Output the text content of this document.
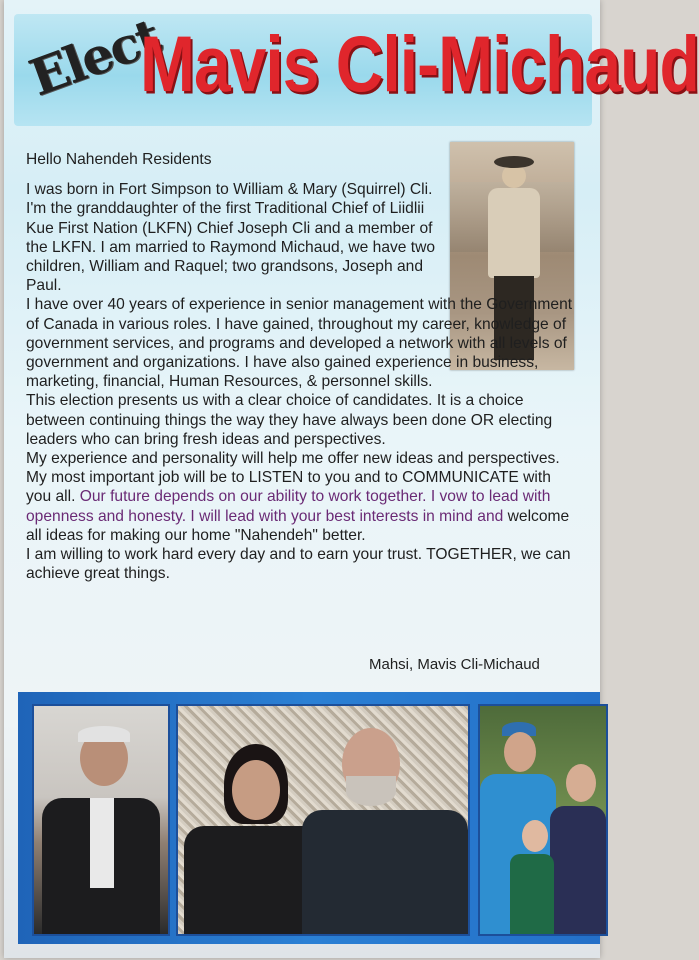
Elect
Mavis Cli-Michaud

Hello Nahendeh Residents

I was born in Fort Simpson to William & Mary (Squirrel) Cli. I'm the granddaughter of the first Traditional Chief of Liidlii Kue First Nation (LKFN) Chief Joseph Cli and a member of the LKFN. I am married to Raymond Michaud, we have two children, William and Raquel; two grandsons, Joseph and Paul.

I have over 40 years of experience in senior management with the Government of Canada in various roles. I have gained, throughout my career, knowledge of government services, and programs and developed a network with all levels of government and organizations. I have also gained experience in business, marketing, financial, Human Resources, & personnel skills.

This election presents us with a clear choice of candidates. It is a choice between continuing things the way they have always been done OR electing leaders who can bring fresh ideas and perspectives.

My experience and personality will help me offer new ideas and perspectives. My most important job will be to LISTEN to you and to COMMUNICATE with you all. Our future depends on our ability to work together. I vow to lead with openness and honesty. I will lead with your best interests in mind and welcome all ideas for making our home "Nahendeh" better.

I am willing to work hard every day and to earn your trust. TOGETHER, we can achieve great things.

Mahsi, Mavis Cli-Michaud
